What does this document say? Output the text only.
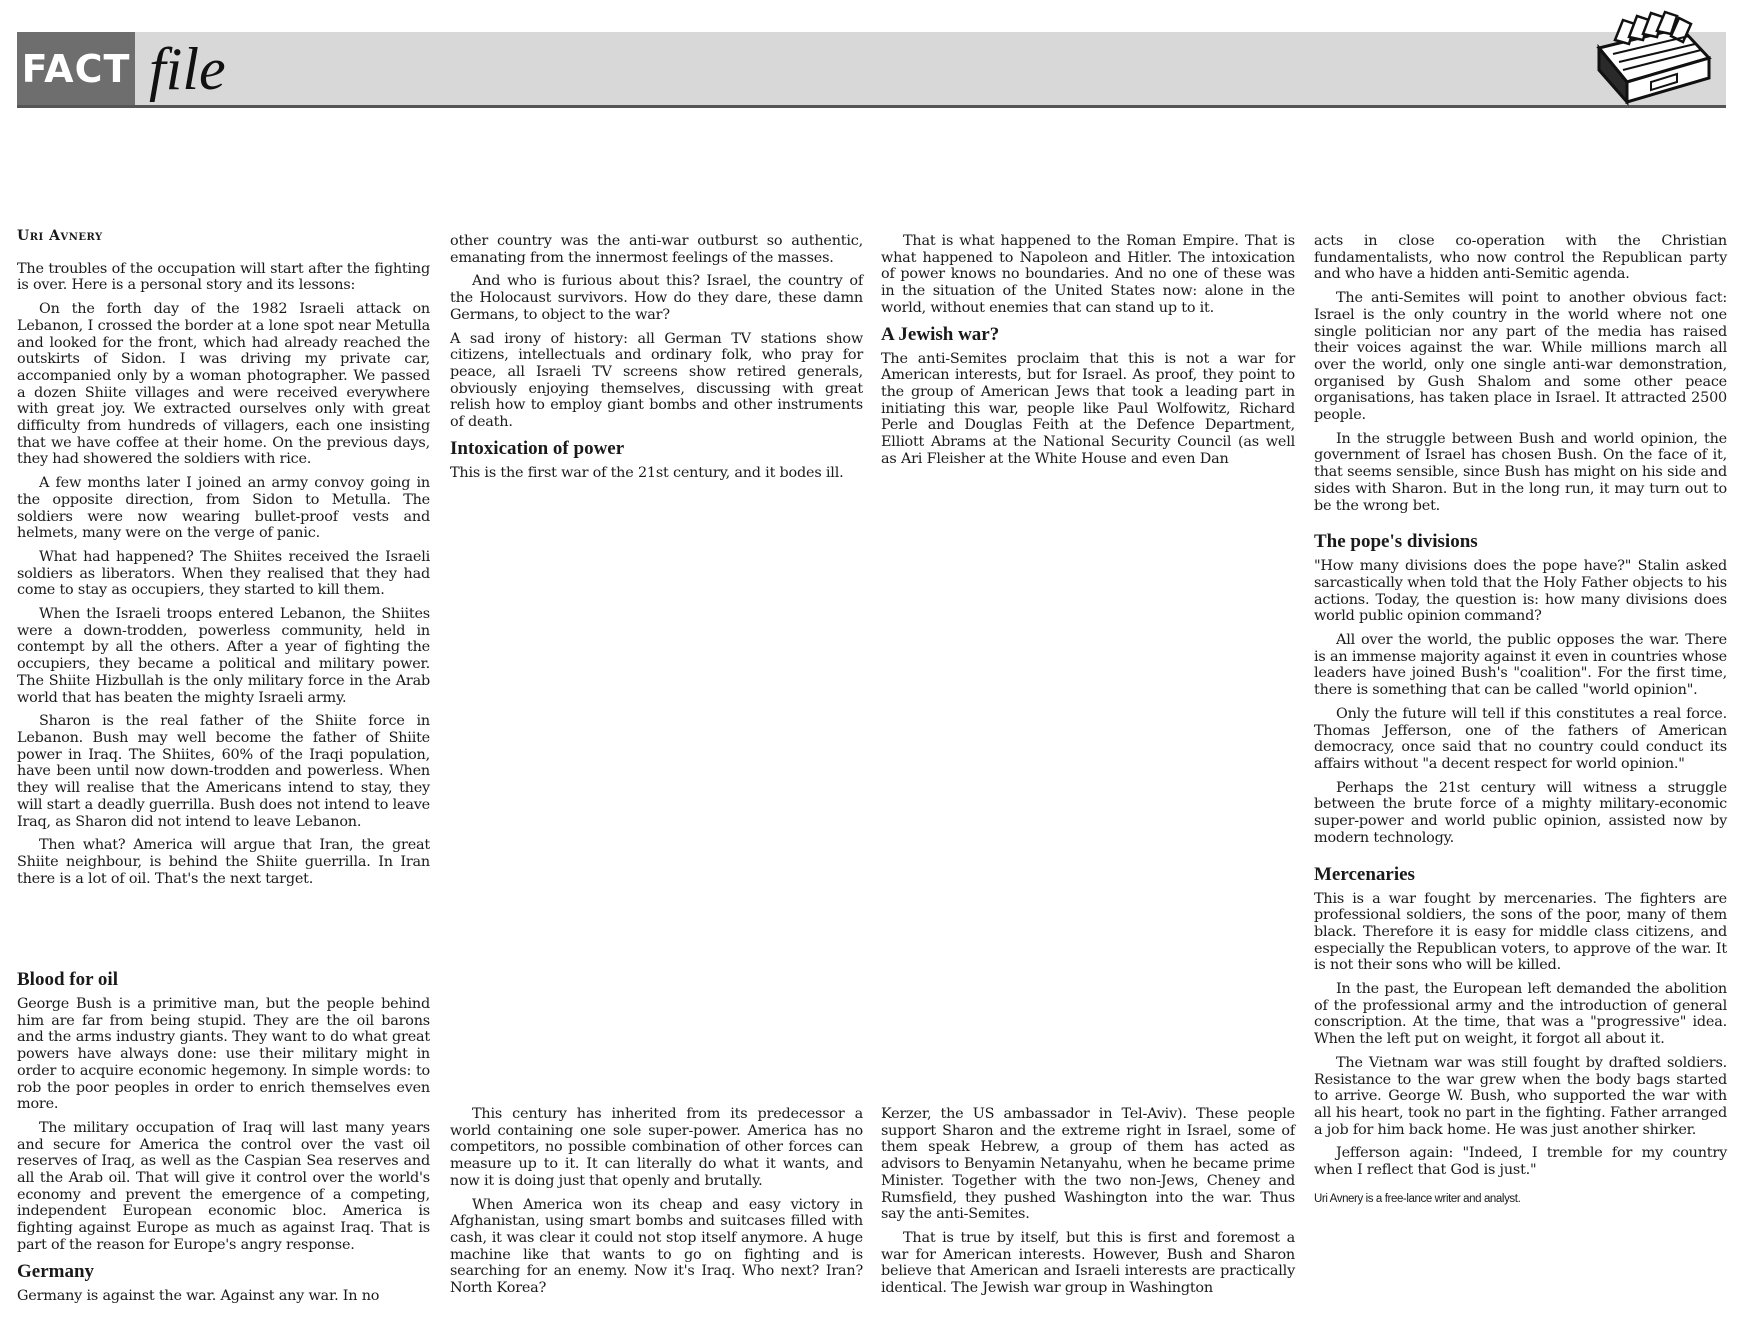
FACT file

Uri Avnery

The troubles of the occupation will start after the fighting is over. Here is a personal story and its lessons:

On the forth day of the 1982 Israeli attack on Lebanon, I crossed the border at a lone spot near Metulla and looked for the front, which had already reached the outskirts of Sidon. I was driving my private car, accompanied only by a woman photographer. We passed a dozen Shiite villages and were received everywhere with great joy. We extracted ourselves only with great difficulty from hundreds of villagers, each one insisting that we have coffee at their home. On the previous days, they had showered the soldiers with rice.

A few months later I joined an army convoy going in the opposite direction, from Sidon to Metulla. The soldiers were now wearing bullet-proof vests and helmets, many were on the verge of panic.

What had happened? The Shiites received the Israeli soldiers as liberators. When they realised that they had come to stay as occupiers, they started to kill them.

When the Israeli troops entered Lebanon, the Shiites were a down-trodden, powerless community, held in contempt by all the others. After a year of fighting the occupiers, they became a political and military power. The Shiite Hizbullah is the only military force in the Arab world that has beaten the mighty Israeli army.

Sharon is the real father of the Shiite force in Lebanon. Bush may well become the father of Shiite power in Iraq. The Shiites, 60% of the Iraqi population, have been until now down-trodden and powerless. When they will realise that the Americans intend to stay, they will start a deadly guerrilla. Bush does not intend to leave Iraq, as Sharon did not intend to leave Lebanon.

Then what? America will argue that Iran, the great Shiite neighbour, is behind the Shiite guerrilla. In Iran there is a lot of oil. That's the next target.

Blood for oil

George Bush is a primitive man, but the people behind him are far from being stupid. They are the oil barons and the arms industry giants. They want to do what great powers have always done: use their military might in order to acquire economic hegemony. In simple words: to rob the poor peoples in order to enrich themselves even more.

The military occupation of Iraq will last many years and secure for America the control over the vast oil reserves of Iraq, as well as the Caspian Sea reserves and all the Arab oil. That will give it control over the world's economy and prevent the emergence of a competing, independent European economic bloc. America is fighting against Europe as much as against Iraq. That is part of the reason for Europe's angry response.

Germany

Germany is against the war. Against any war. In no

other country was the anti-war outburst so authentic, emanating from the innermost feelings of the masses.

And who is furious about this? Israel, the country of the Holocaust survivors. How do they dare, these damn Germans, to object to the war?

A sad irony of history: all German TV stations show citizens, intellectuals and ordinary folk, who pray for peace, all Israeli TV screens show retired generals, obviously enjoying themselves, discussing with great relish how to employ giant bombs and other instruments of death.

Intoxication of power

This is the first war of the 21st century, and it bodes ill.

This century has inherited from its predecessor a world containing one sole super-power. America has no competitors, no possible combination of other forces can measure up to it. It can literally do what it wants, and now it is doing just that openly and brutally.

When America won its cheap and easy victory in Afghanistan, using smart bombs and suitcases filled with cash, it was clear it could not stop itself anymore. A huge machine like that wants to go on fighting and is searching for an enemy. Now it's Iraq. Who next? Iran? North Korea?

That is what happened to the Roman Empire. That is what happened to Napoleon and Hitler. The intoxication of power knows no boundaries. And no one of these was in the situation of the United States now: alone in the world, without enemies that can stand up to it.

A Jewish war?

The anti-Semites proclaim that this is not a war for American interests, but for Israel. As proof, they point to the group of American Jews that took a leading part in initiating this war, people like Paul Wolfowitz, Richard Perle and Douglas Feith at the Defence Department, Elliott Abrams at the National Security Council (as well as Ari Fleisher at the White House and even Dan

Kerzer, the US ambassador in Tel-Aviv). These people support Sharon and the extreme right in Israel, some of them speak Hebrew, a group of them has acted as advisors to Benyamin Netanyahu, when he became prime Minister. Together with the two non-Jews, Cheney and Rumsfield, they pushed Washington into the war. Thus say the anti-Semites.

That is true by itself, but this is first and foremost a war for American interests. However, Bush and Sharon believe that American and Israeli interests are practically identical. The Jewish war group in Washington

acts in close co-operation with the Christian fundamentalists, who now control the Republican party and who have a hidden anti-Semitic agenda.

The anti-Semites will point to another obvious fact: Israel is the only country in the world where not one single politician nor any part of the media has raised their voices against the war. While millions march all over the world, only one single anti-war demonstration, organised by Gush Shalom and some other peace organisations, has taken place in Israel. It attracted 2500 people.

In the struggle between Bush and world opinion, the government of Israel has chosen Bush. On the face of it, that seems sensible, since Bush has might on his side and sides with Sharon. But in the long run, it may turn out to be the wrong bet.

The pope's divisions

"How many divisions does the pope have?" Stalin asked sarcastically when told that the Holy Father objects to his actions. Today, the question is: how many divisions does world public opinion command?

All over the world, the public opposes the war. There is an immense majority against it even in countries whose leaders have joined Bush's "coalition". For the first time, there is something that can be called "world opinion".

Only the future will tell if this constitutes a real force. Thomas Jefferson, one of the fathers of American democracy, once said that no country could conduct its affairs without "a decent respect for world opinion."

Perhaps the 21st century will witness a struggle between the brute force of a mighty military-economic super-power and world public opinion, assisted now by modern technology.

Mercenaries

This is a war fought by mercenaries. The fighters are professional soldiers, the sons of the poor, many of them black. Therefore it is easy for middle class citizens, and especially the Republican voters, to approve of the war. It is not their sons who will be killed.

In the past, the European left demanded the abolition of the professional army and the introduction of general conscription. At the time, that was a "progressive" idea. When the left put on weight, it forgot all about it.

The Vietnam war was still fought by drafted soldiers. Resistance to the war grew when the body bags started to arrive. George W. Bush, who supported the war with all his heart, took no part in the fighting. Father arranged a job for him back home. He was just another shirker.

Jefferson again: "Indeed, I tremble for my country when I reflect that God is just."

Uri Avnery is a free-lance writer and analyst.
